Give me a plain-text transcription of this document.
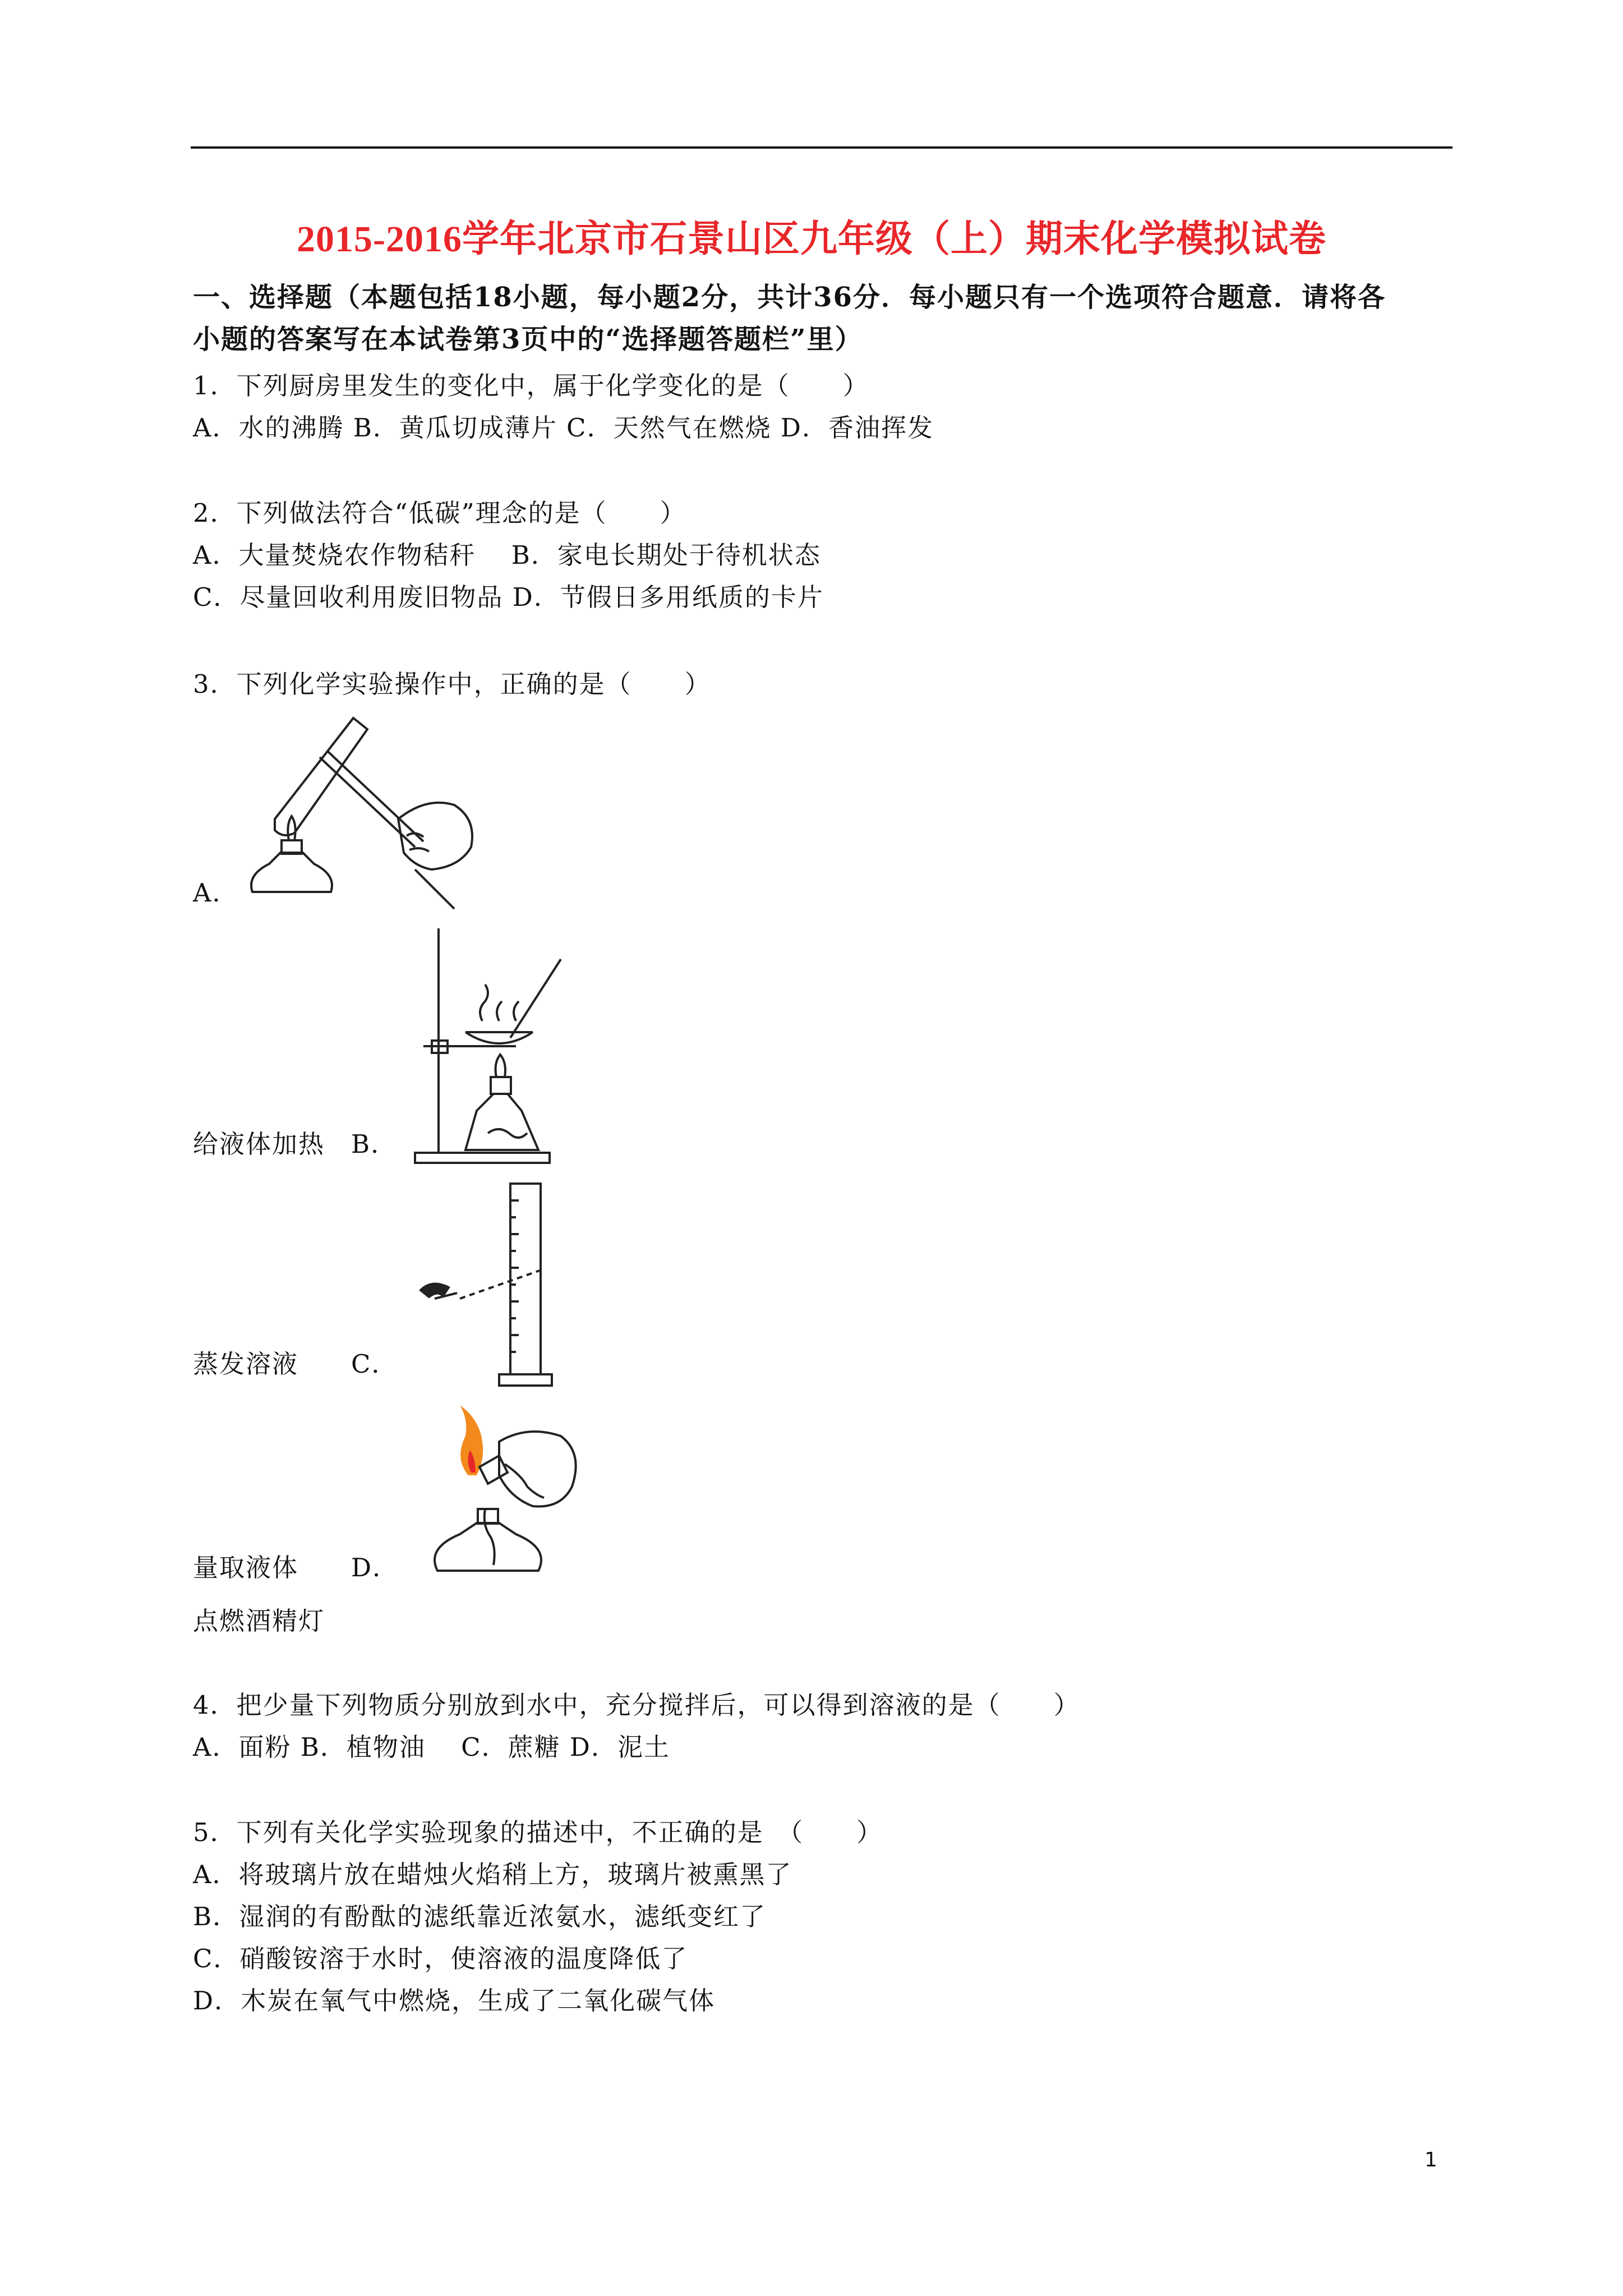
2015-2016学年北京市石景山区九年级（上）期末化学模拟试卷
一、选择题（本题包括18小题，每小题2分，共计36分．每小题只有一个选项符合题意．请将各
小题的答案写在本试卷第3页中的“选择题答题栏”里）
1．下列厨房里发生的变化中，属于化学变化的是（　　）
A．水的沸腾 B．黄瓜切成薄片 C．天然气在燃烧 D．香油挥发
2．下列做法符合“低碳”理念的是（　　）
A．大量焚烧农作物秸秆　 B．家电长期处于待机状态
C．尽量回收利用废旧物品 D．节假日多用纸质的卡片
3．下列化学实验操作中，正确的是（　　）
A．
给液体加热　B．
蒸发溶液　　C．
量取液体　　D．
点燃酒精灯
4．把少量下列物质分别放到水中，充分搅拌后，可以得到溶液的是（　　）
A．面粉 B．植物油　 C．蔗糖 D．泥土
5．下列有关化学实验现象的描述中，不正确的是　（　　）
A．将玻璃片放在蜡烛火焰稍上方，玻璃片被熏黑了
B．湿润的有酚酞的滤纸靠近浓氨水，滤纸变红了
C．硝酸铵溶于水时，使溶液的温度降低了
D．木炭在氧气中燃烧，生成了二氧化碳气体
1
